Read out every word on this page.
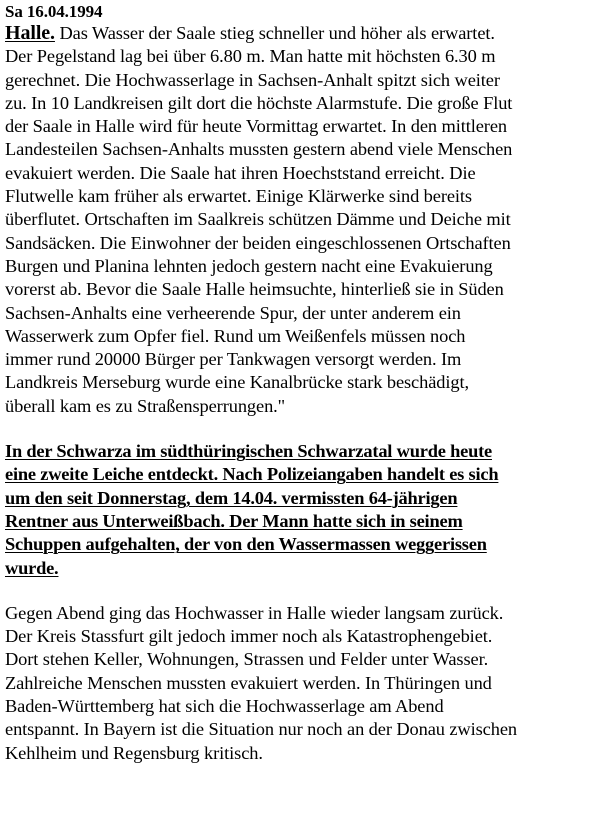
Sa 16.04.1994
Halle. Das Wasser der Saale stieg schneller und höher als erwartet.
Der Pegelstand lag bei über 6.80 m. Man hatte mit höchsten 6.30 m
gerechnet. Die Hochwasserlage in Sachsen-Anhalt spitzt sich weiter
zu. In 10 Landkreisen gilt dort die höchste Alarmstufe. Die große Flut
der Saale in Halle wird für heute Vormittag erwartet. In den mittleren
Landesteilen Sachsen-Anhalts mussten gestern abend viele Menschen
evakuiert werden. Die Saale hat ihren Hoechststand erreicht. Die
Flutwelle kam früher als erwartet. Einige Klärwerke sind bereits
überflutet. Ortschaften im Saalkreis schützen Dämme und Deiche mit
Sandsäcken. Die Einwohner der beiden eingeschlossenen Ortschaften
Burgen und Planina lehnten jedoch gestern nacht eine Evakuierung
vorerst ab. Bevor die Saale Halle heimsuchte, hinterließ sie in Süden
Sachsen-Anhalts eine verheerende Spur, der unter anderem ein
Wasserwerk zum Opfer fiel. Rund um Weißenfels müssen noch
immer rund 20000 Bürger per Tankwagen versorgt werden. Im
Landkreis Merseburg wurde eine Kanalbrücke stark beschädigt,
überall kam es zu Straßensperrungen."
In der Schwarza im südthüringischen Schwarzatal wurde heute
eine zweite Leiche entdeckt. Nach Polizeiangaben handelt es sich
um den seit Donnerstag, dem 14.04. vermissten 64-jährigen
Rentner aus Unterweißbach. Der Mann hatte sich in seinem
Schuppen aufgehalten, der von den Wassermassen weggerissen
wurde.
Gegen Abend ging das Hochwasser in Halle wieder langsam zurück.
Der Kreis Stassfurt gilt jedoch immer noch als Katastrophengebiet.
Dort stehen Keller, Wohnungen, Strassen und Felder unter Wasser.
Zahlreiche Menschen mussten evakuiert werden. In Thüringen und
Baden-Württemberg hat sich die Hochwasserlage am Abend
entspannt. In Bayern ist die Situation nur noch an der Donau zwischen
Kehlheim und Regensburg kritisch.
